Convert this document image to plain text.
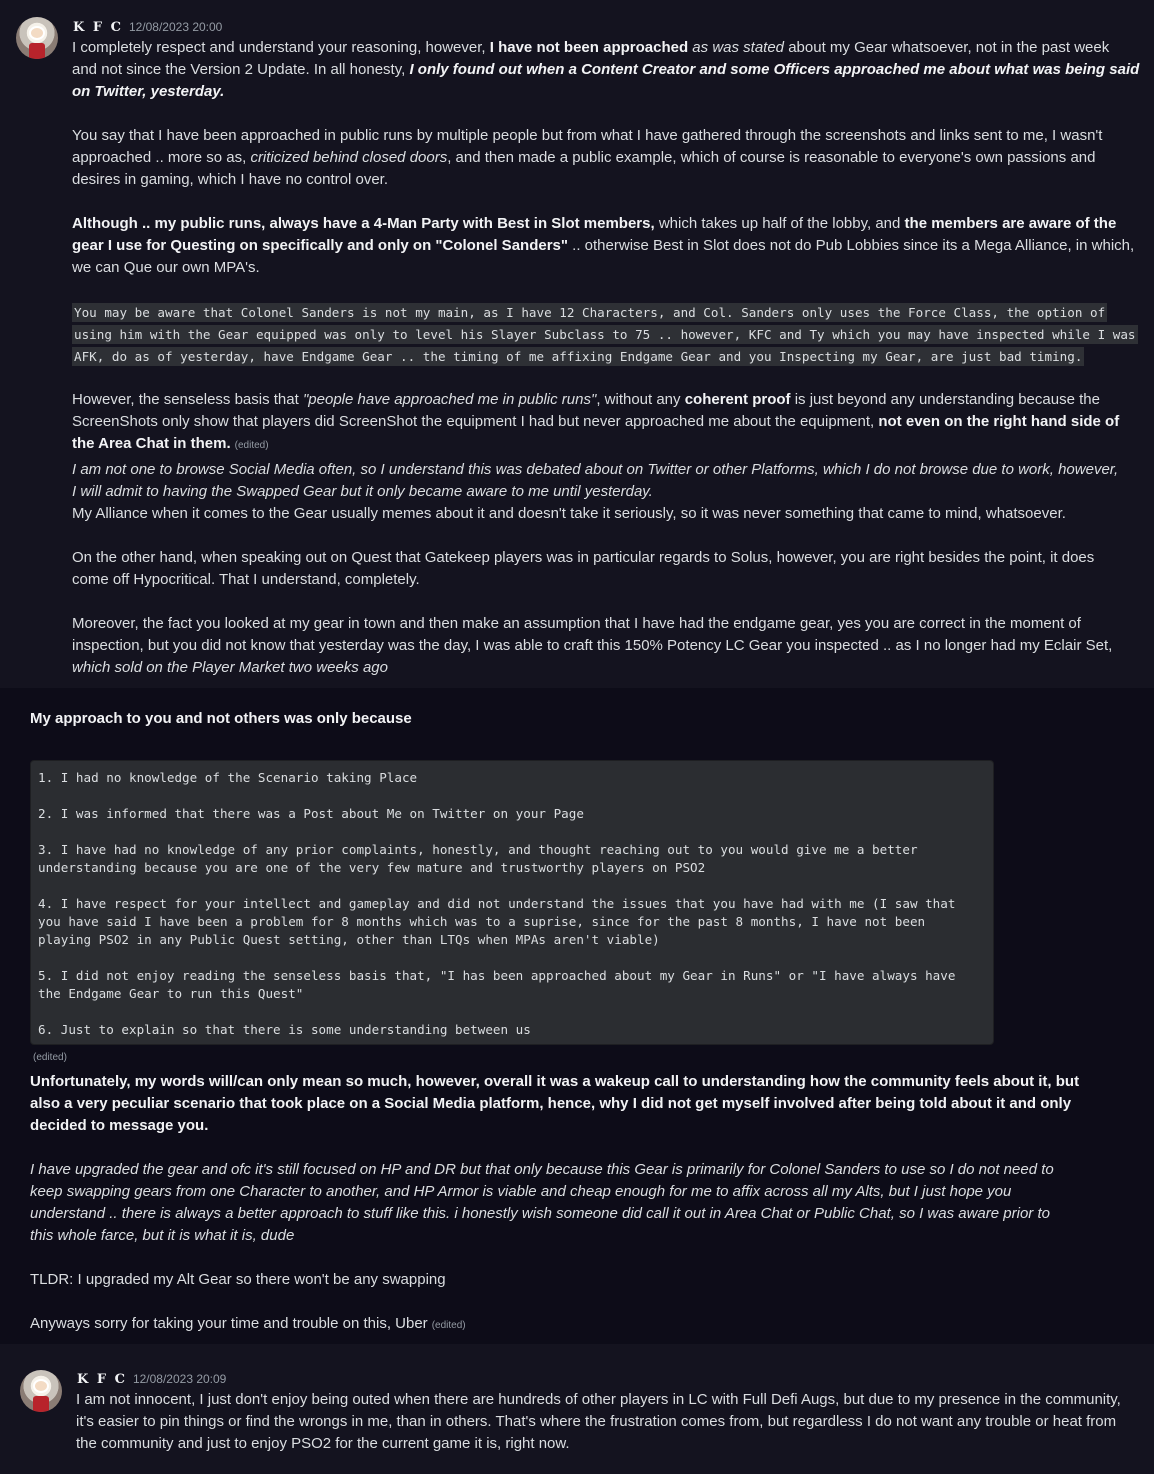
K F C 12/08/2023 20:00
I completely respect and understand your reasoning, however, I have not been approached as was stated about my Gear whatsoever, not in the past week
and not since the Version 2 Update. In all honesty, I only found out when a Content Creator and some Officers approached me about what was being said
on Twitter, yesterday.
You say that I have been approached in public runs by multiple people but from what I have gathered through the screenshots and links sent to me, I wasn't
approached .. more so as, criticized behind closed doors, and then made a public example, which of course is reasonable to everyone's own passions and
desires in gaming, which I have no control over.
Although .. my public runs, always have a 4-Man Party with Best in Slot members, which takes up half of the lobby, and the members are aware of the
gear I use for Questing on specifically and only on "Colonel Sanders" .. otherwise Best in Slot does not do Pub Lobbies since its a Mega Alliance, in which,
we can Que our own MPA's.
You may be aware that Colonel Sanders is not my main, as I have 12 Characters, and Col. Sanders only uses the Force Class, the option of
using him with the Gear equipped was only to level his Slayer Subclass to 75 .. however, KFC and Ty which you may have inspected while I was
AFK, do as of yesterday, have Endgame Gear .. the timing of me affixing Endgame Gear and you Inspecting my Gear, are just bad timing.
However, the senseless basis that "people have approached me in public runs", without any coherent proof is just beyond any understanding because the
ScreenShots only show that players did ScreenShot the equipment I had but never approached me about the equipment, not even on the right hand side of
the Area Chat in them. (edited)
I am not one to browse Social Media often, so I understand this was debated about on Twitter or other Platforms, which I do not browse due to work, however,
I will admit to having the Swapped Gear but it only became aware to me until yesterday.
My Alliance when it comes to the Gear usually memes about it and doesn't take it seriously, so it was never something that came to mind, whatsoever.
On the other hand, when speaking out on Quest that Gatekeep players was in particular regards to Solus, however, you are right besides the point, it does
come off Hypocritical. That I understand, completely.
Moreover, the fact you looked at my gear in town and then make an assumption that I have had the endgame gear, yes you are correct in the moment of
inspection, but you did not know that yesterday was the day, I was able to craft this 150% Potency LC Gear you inspected .. as I no longer had my Eclair Set,
which sold on the Player Market two weeks ago
My approach to you and not others was only because
1. I had no knowledge of the Scenario taking Place
2. I was informed that there was a Post about Me on Twitter on your Page
3. I have had no knowledge of any prior complaints, honestly, and thought reaching out to you would give me a better
understanding because you are one of the very few mature and trustworthy players on PSO2
4. I have respect for your intellect and gameplay and did not understand the issues that you have had with me (I saw that
you have said I have been a problem for 8 months which was to a suprise, since for the past 8 months, I have not been
playing PSO2 in any Public Quest setting, other than LTQs when MPAs aren't viable)
5. I did not enjoy reading the senseless basis that, "I has been approached about my Gear in Runs" or "I have always have
the Endgame Gear to run this Quest"
6. Just to explain so that there is some understanding between us
(edited)
Unfortunately, my words will/can only mean so much, however, overall it was a wakeup call to understanding how the community feels about it, but
also a very peculiar scenario that took place on a Social Media platform, hence, why I did not get myself involved after being told about it and only
decided to message you.
I have upgraded the gear and ofc it's still focused on HP and DR but that only because this Gear is primarily for Colonel Sanders to use so I do not need to
keep swapping gears from one Character to another, and HP Armor is viable and cheap enough for me to affix across all my Alts, but I just hope you
understand .. there is always a better approach to stuff like this. i honestly wish someone did call it out in Area Chat or Public Chat, so I was aware prior to
this whole farce, but it is what it is, dude
TLDR: I upgraded my Alt Gear so there won't be any swapping
Anyways sorry for taking your time and trouble on this, Uber (edited)
K F C 12/08/2023 20:09
I am not innocent, I just don't enjoy being outed when there are hundreds of other players in LC with Full Defi Augs, but due to my presence in the community,
it's easier to pin things or find the wrongs in me, than in others. That's where the frustration comes from, but regardless I do not want any trouble or heat from
the community and just to enjoy PSO2 for the current game it is, right now.
